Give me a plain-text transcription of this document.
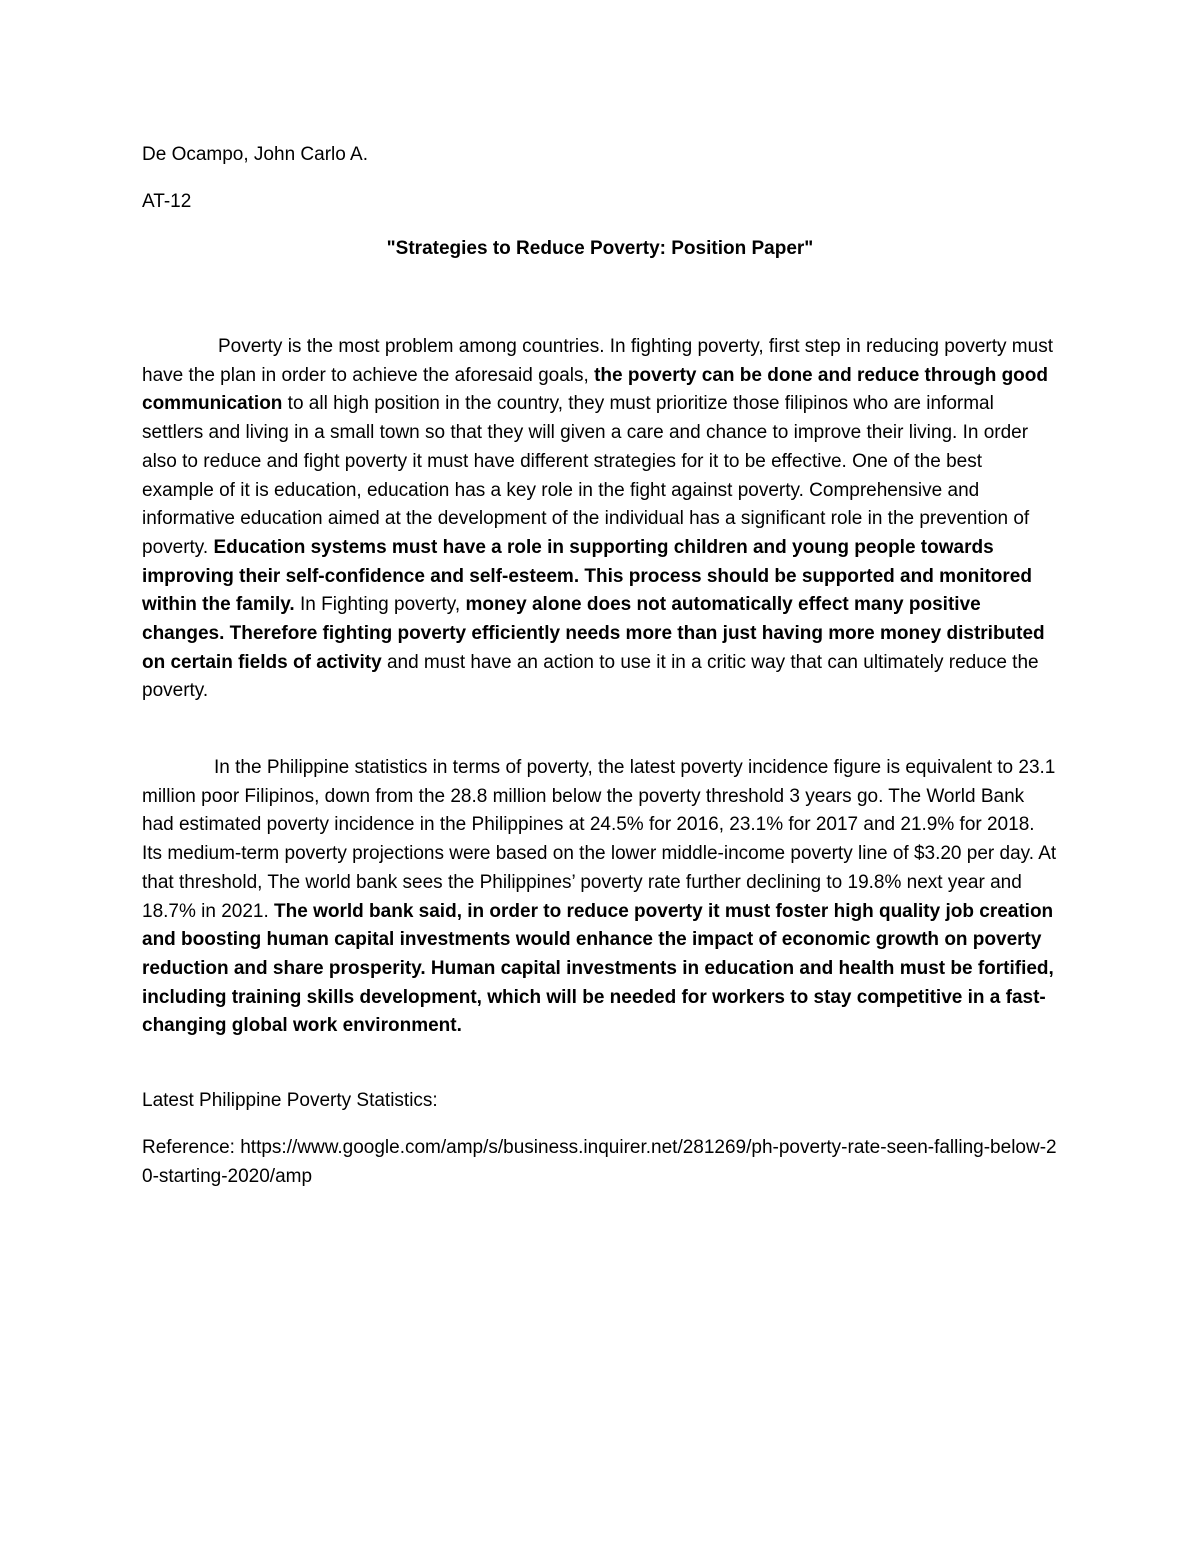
De Ocampo, John Carlo A.

AT-12

"Strategies to Reduce Poverty: Position Paper"

Poverty is the most problem among countries. In fighting poverty, first step in reducing poverty must have the plan in order to achieve the aforesaid goals, the poverty can be done and reduce through good communication to all high position in the country, they must prioritize those filipinos who are informal settlers and living in a small town so that they will given a care and chance to improve their living. In order also to reduce and fight poverty it must have different strategies for it to be effective. One of the best example of it is education, education has a key role in the fight against poverty. Comprehensive and informative education aimed at the development of the individual has a significant role in the prevention of poverty. Education systems must have a role in supporting children and young people towards improving their self-confidence and self-esteem. This process should be supported and monitored within the family. In Fighting poverty, money alone does not automatically effect many positive changes. Therefore fighting poverty efficiently needs more than just having more money distributed on certain fields of activity and must have an action to use it in a critic way that can ultimately reduce the poverty.

In the Philippine statistics in terms of poverty, the latest poverty incidence figure is equivalent to 23.1 million poor Filipinos, down from the 28.8 million below the poverty threshold 3 years go. The World Bank had estimated poverty incidence in the Philippines at 24.5% for 2016, 23.1% for 2017 and 21.9% for 2018. Its medium-term poverty projections were based on the lower middle-income poverty line of $3.20 per day. At that threshold, The world bank sees the Philippines’ poverty rate further declining to 19.8% next year and 18.7% in 2021. The world bank said, in order to reduce poverty it must foster high quality job creation and boosting human capital investments would enhance the impact of economic growth on poverty reduction and share prosperity. Human capital investments in education and health must be fortified, including training skills development, which will be needed for workers to stay competitive in a fast-changing global work environment.

Latest Philippine Poverty Statistics:

Reference: https://www.google.com/amp/s/business.inquirer.net/281269/ph-poverty-rate-seen-falling-below-20-starting-2020/amp
